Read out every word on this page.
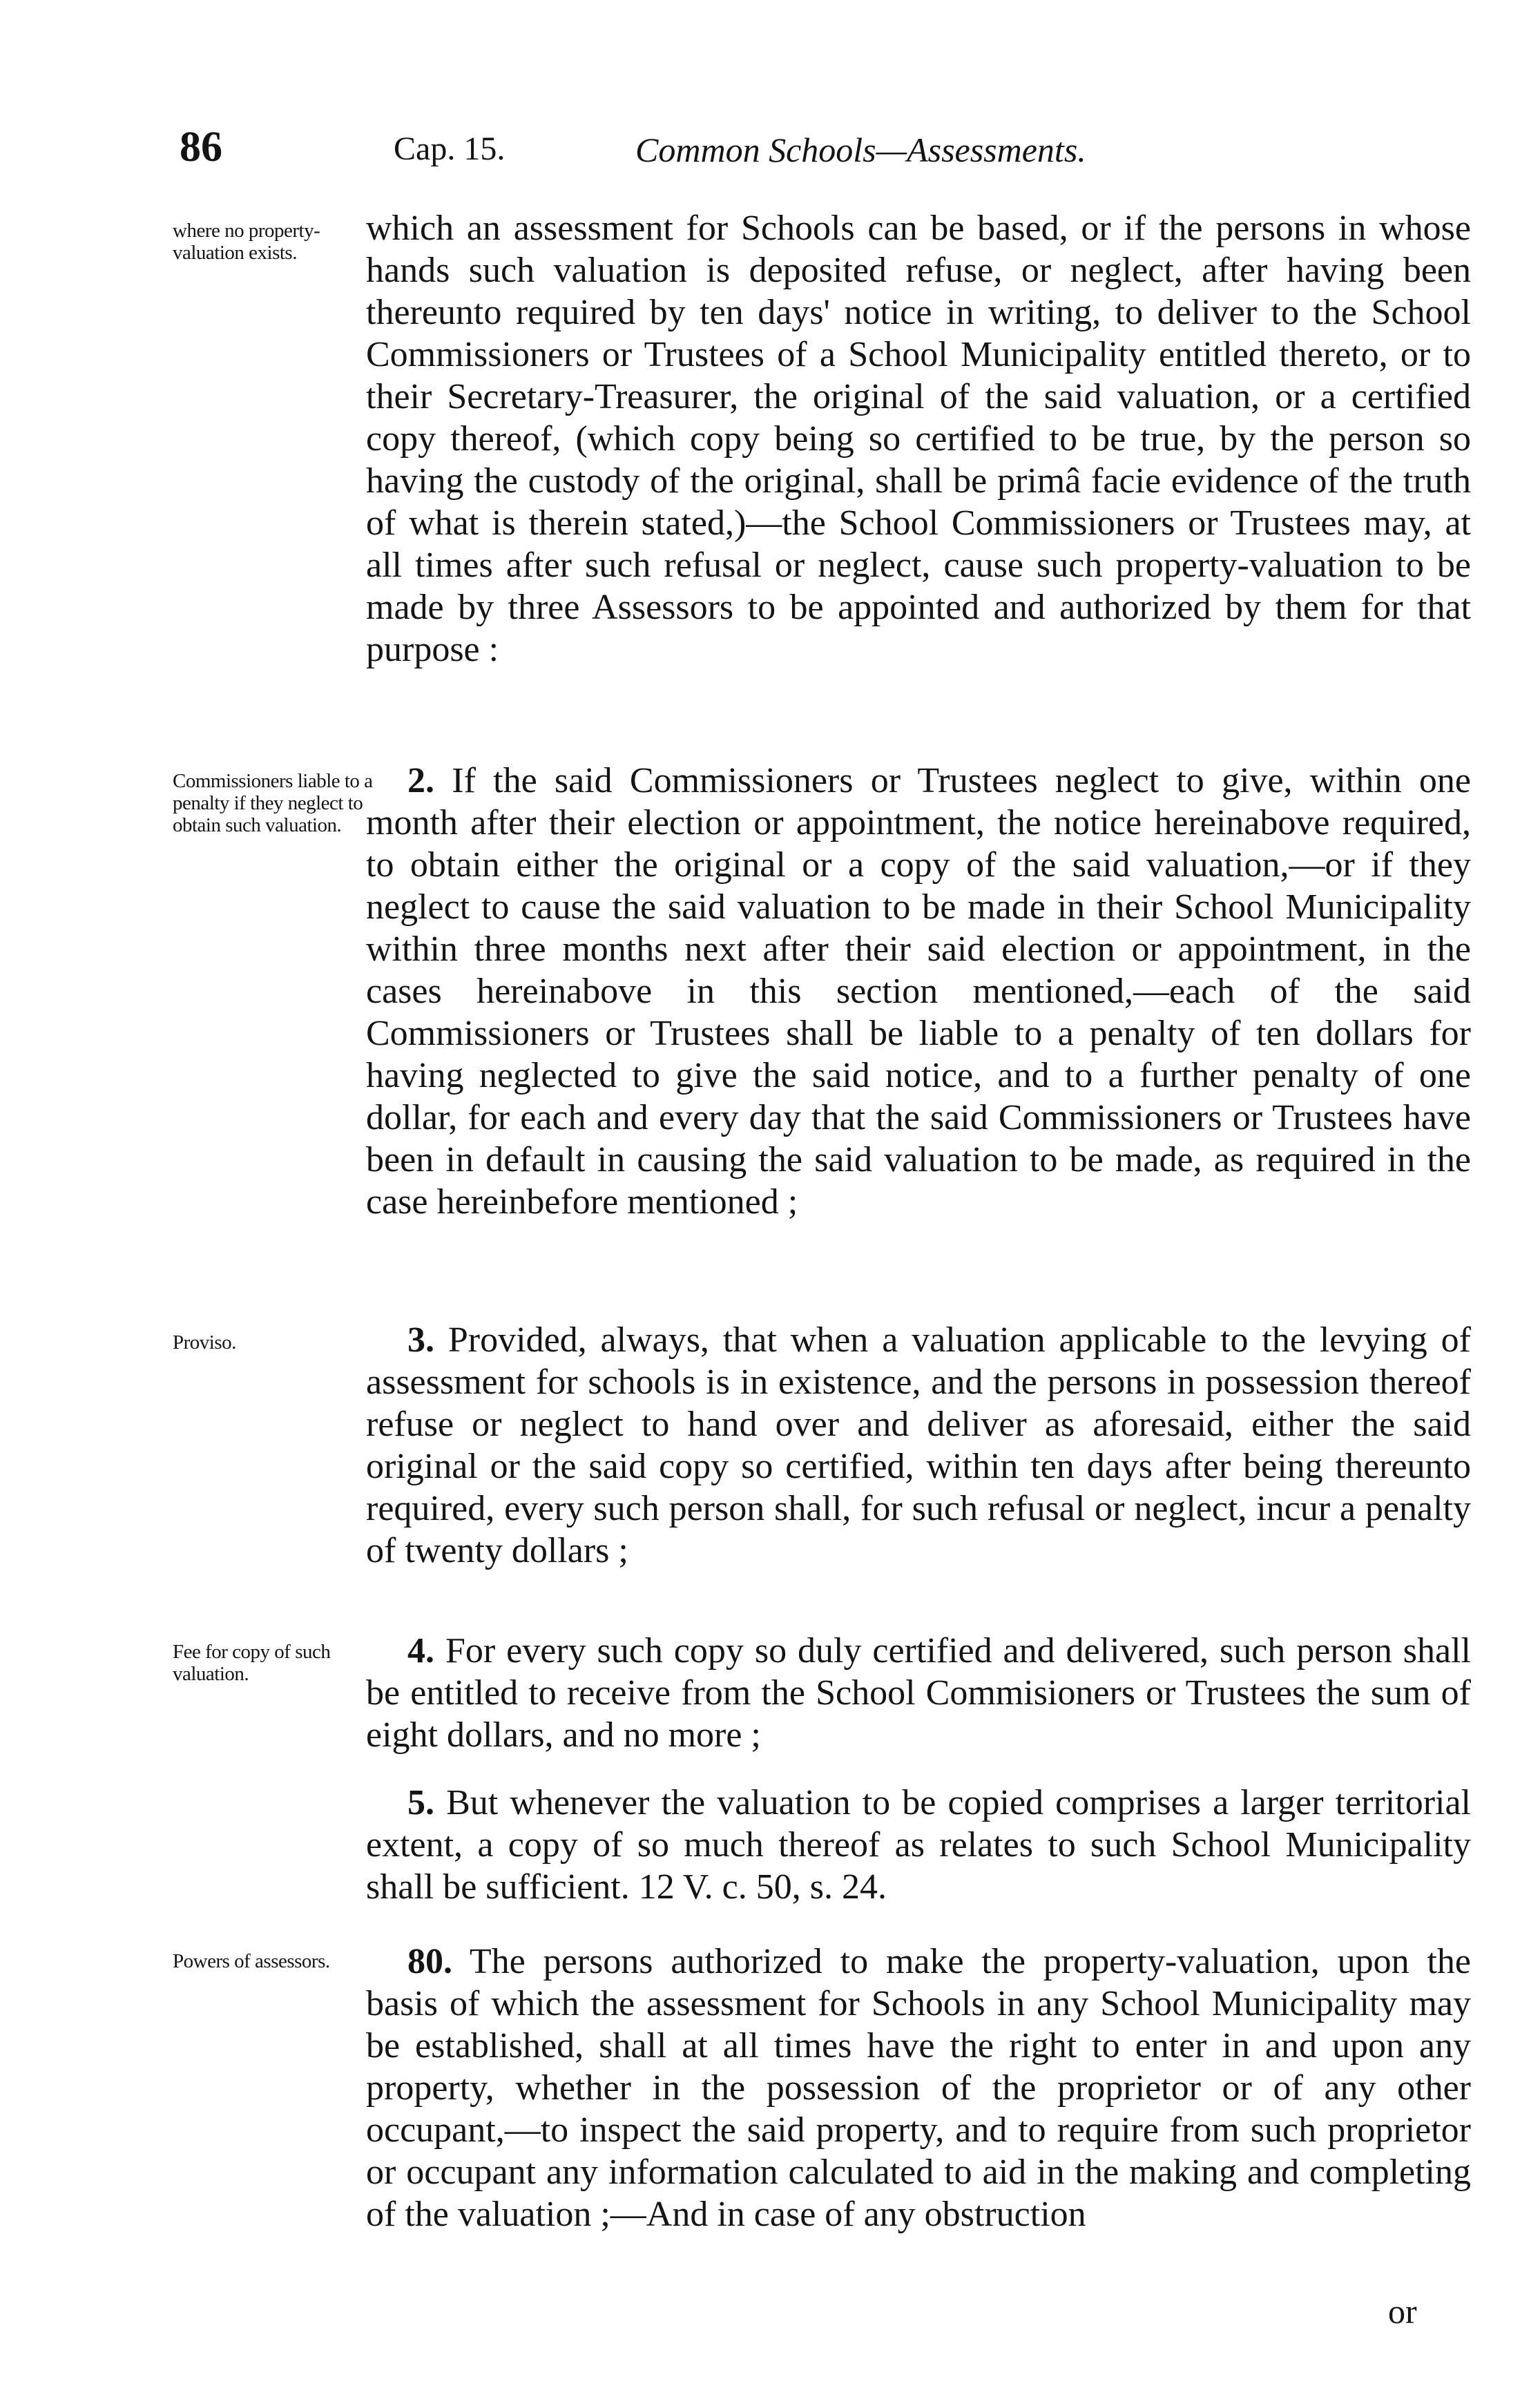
86	Cap. 15.	Common Schools—Assessments.
where no property-valuation exists.
Commissioners liable to a penalty if they neglect to obtain such valuation.
Proviso.
Fee for copy of such valuation.
Powers of assessors.
which an assessment for Schools can be based, or if the persons in whose hands such valuation is deposited refuse, or neglect, after having been thereunto required by ten days' notice in writing, to deliver to the School Commissioners or Trustees of a School Municipality entitled thereto, or to their Secretary-Treasurer, the original of the said valuation, or a certified copy thereof, (which copy being so certified to be true, by the person so having the custody of the original, shall be primâ facie evidence of the truth of what is therein stated,)—the School Commissioners or Trustees may, at all times after such refusal or neglect, cause such property-valuation to be made by three Assessors to be appointed and authorized by them for that purpose :
2. If the said Commissioners or Trustees neglect to give, within one month after their election or appointment, the notice hereinabove required, to obtain either the original or a copy of the said valuation,—or if they neglect to cause the said valuation to be made in their School Municipality within three months next after their said election or appointment, in the cases hereinabove in this section mentioned,—each of the said Commissioners or Trustees shall be liable to a penalty of ten dollars for having neglected to give the said notice, and to a further penalty of one dollar, for each and every day that the said Commissioners or Trustees have been in default in causing the said valuation to be made, as required in the case hereinbefore mentioned ;
3. Provided, always, that when a valuation applicable to the levying of assessment for schools is in existence, and the persons in possession thereof refuse or neglect to hand over and deliver as aforesaid, either the said original or the said copy so certified, within ten days after being thereunto required, every such person shall, for such refusal or neglect, incur a penalty of twenty dollars ;
4. For every such copy so duly certified and delivered, such person shall be entitled to receive from the School Commisioners or Trustees the sum of eight dollars, and no more ;
5. But whenever the valuation to be copied comprises a larger territorial extent, a copy of so much thereof as relates to such School Municipality shall be sufficient. 12 V. c. 50, s. 24.
80. The persons authorized to make the property-valuation, upon the basis of which the assessment for Schools in any School Municipality may be established, shall at all times have the right to enter in and upon any property, whether in the possession of the proprietor or of any other occupant,—to inspect the said property, and to require from such proprietor or occupant any information calculated to aid in the making and completing of the valuation ;—And in case of any obstruction
or
